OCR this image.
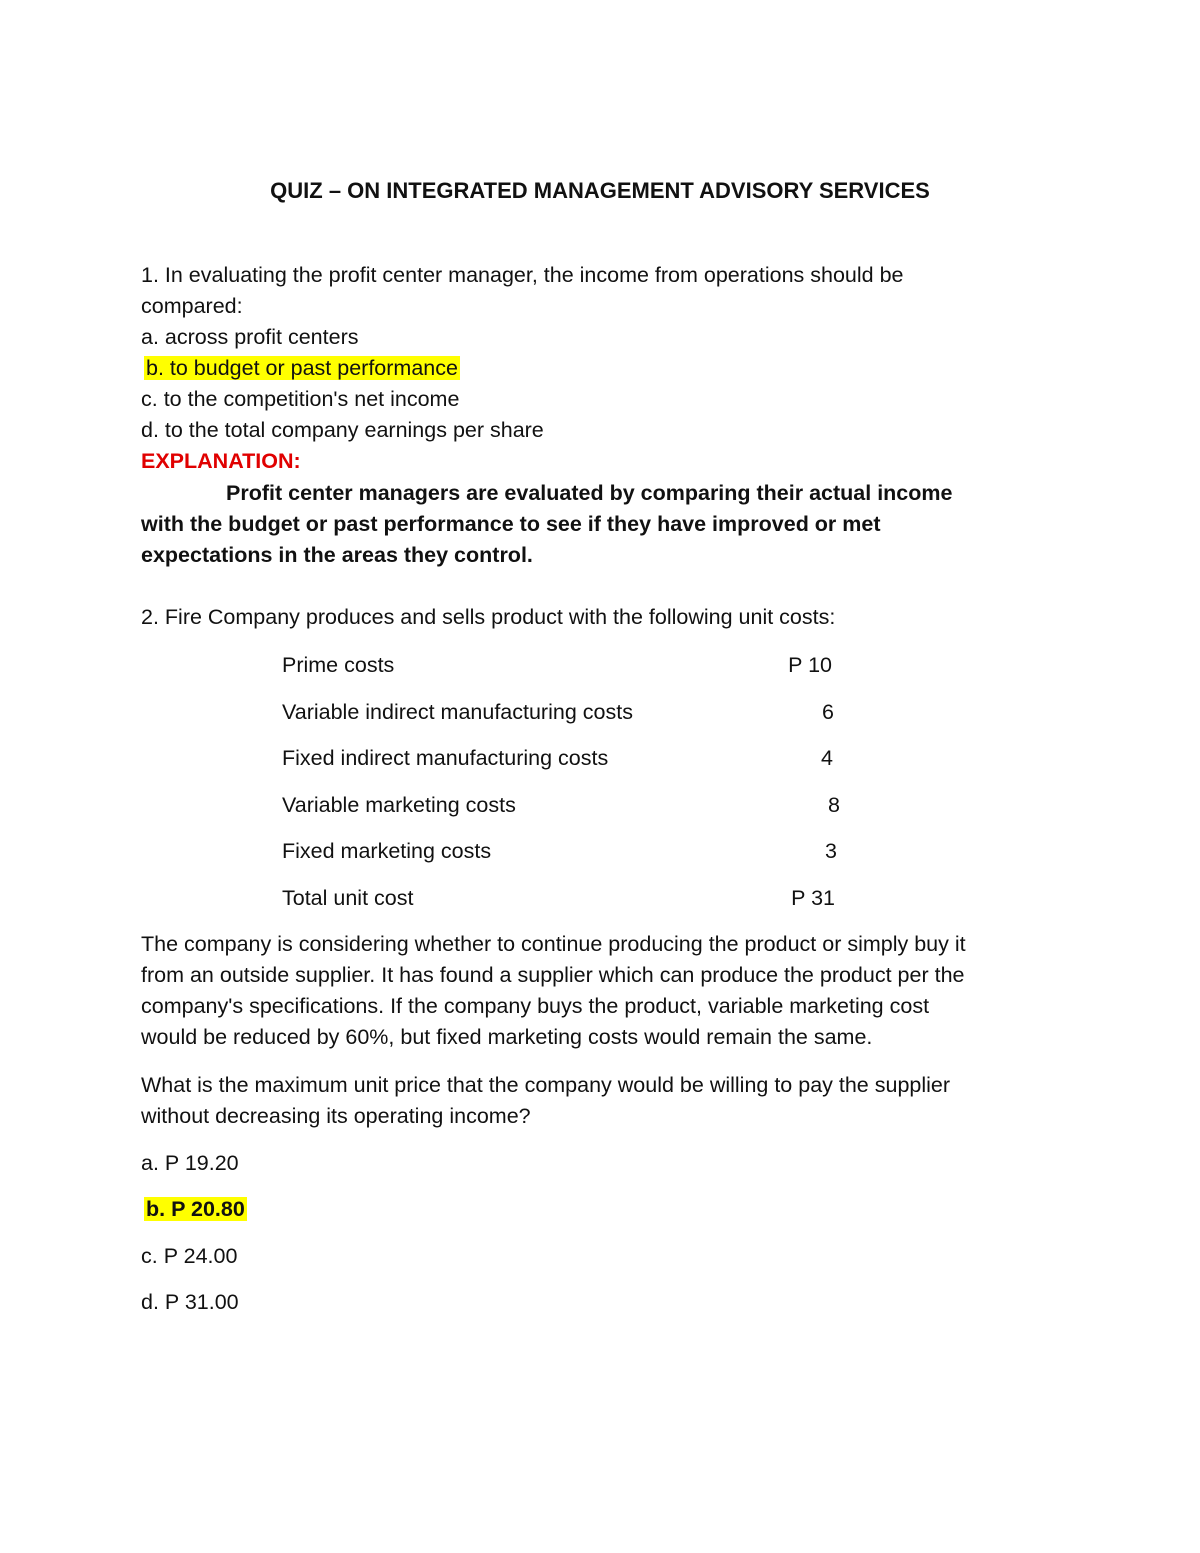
QUIZ – ON INTEGRATED MANAGEMENT ADVISORY SERVICES
1. In evaluating the profit center manager, the income from operations should be
compared:
a. across profit centers
b. to budget or past performance
c. to the competition's net income
d. to the total company earnings per share
EXPLANATION:
Profit center managers are evaluated by comparing their actual income
with the budget or past performance to see if they have improved or met
expectations in the areas they control.
2. Fire Company produces and sells product with the following unit costs:
Prime costs	P 10
Variable indirect manufacturing costs	6
Fixed indirect manufacturing costs	4
Variable marketing costs	8
Fixed marketing costs	3
Total unit cost	P 31
The company is considering whether to continue producing the product or simply buy it
from an outside supplier. It has found a supplier which can produce the product per the
company's specifications. If the company buys the product, variable marketing cost
would be reduced by 60%, but fixed marketing costs would remain the same.
What is the maximum unit price that the company would be willing to pay the supplier
without decreasing its operating income?
a. P 19.20
b. P 20.80
c. P 24.00
d. P 31.00
